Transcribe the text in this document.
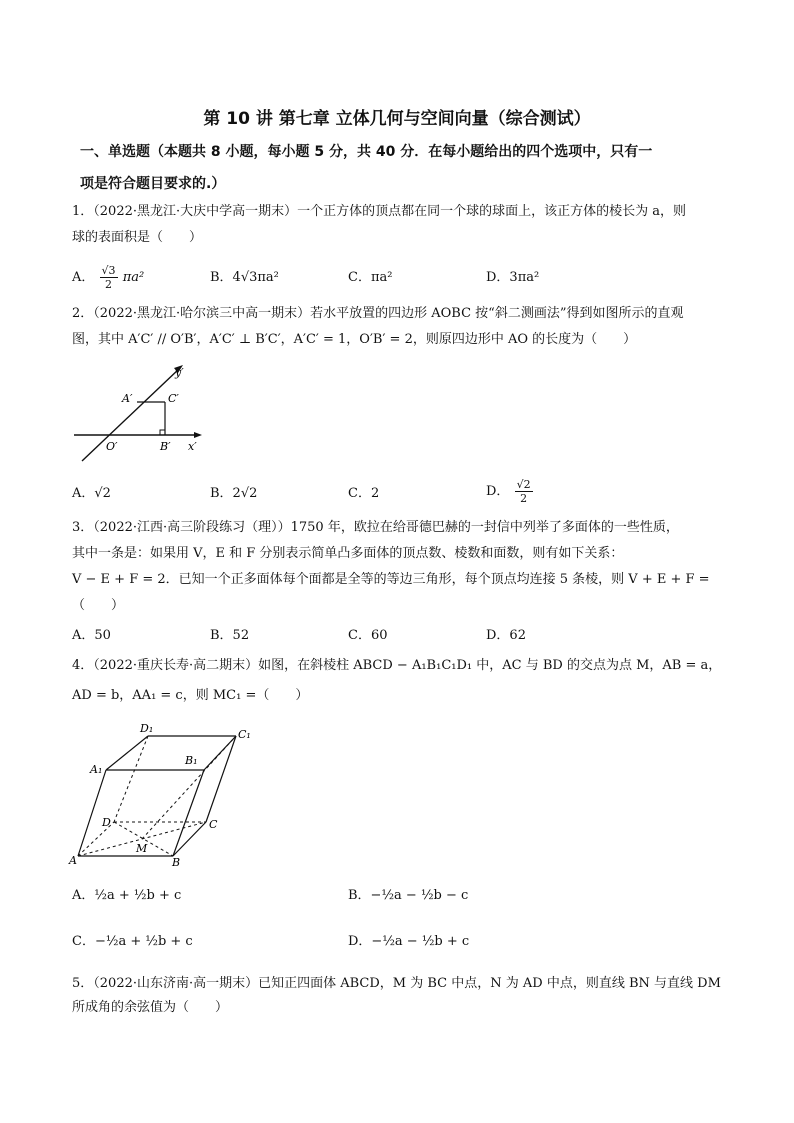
第 10 讲 第七章 立体几何与空间向量（综合测试）
一、单选题（本题共 8 小题，每小题 5 分，共 40 分．在每小题给出的四个选项中，只有一
项是符合题目要求的.）
1．（2022·黑龙江·大庆中学高一期末）一个正方体的顶点都在同一个球的球面上，该正方体的棱长为 a，则
球的表面积是（　　）
A． $\frac{√3}{2} \pi a^2$	B．4√3πa²	C．πa²	D．3πa²
2．（2022·黑龙江·哈尔滨三中高一期末）若水平放置的四边形 AOBC 按“斜二测画法”得到如图所示的直观
图，其中 A′C′ // O′B′，A′C′ ⊥ B′C′，A′C′ = 1，O′B′ = 2，则原四边形中 AO 的长度为（　　）
y′
x′
A′	C′
O′	B′
A．√2	B．2√2	C．2	D． $\frac{√2}{2}$
3．（2022·江西·高三阶段练习（理））1750 年，欧拉在给哥德巴赫的一封信中列举了多面体的一些性质，
其中一条是：如果用 V，E 和 F 分别表示简单凸多面体的顶点数、棱数和面数，则有如下关系：
V − E + F = 2．已知一个正多面体每个面都是全等的等边三角形，每个顶点均连接 5 条棱，则 V + E + F =
（　　）
A．50	B．52	C．60	D．62
4．（2022·重庆长寿·高二期末）如图，在斜棱柱 ABCD − A₁B₁C₁D₁ 中，AC 与 BD 的交点为点 M，AB = a，
AD = b，AA₁ = c，则 MC₁ =（　　）
D₁	C₁
A₁
B₁
D	C
M
A	B
A．½a + ½b + c	B．−½a − ½b − c
C．−½a + ½b + c	D．−½a − ½b + c
5．（2022·山东济南·高一期末）已知正四面体 ABCD，M 为 BC 中点，N 为 AD 中点，则直线 BN 与直线 DM
所成角的余弦值为（　　）
